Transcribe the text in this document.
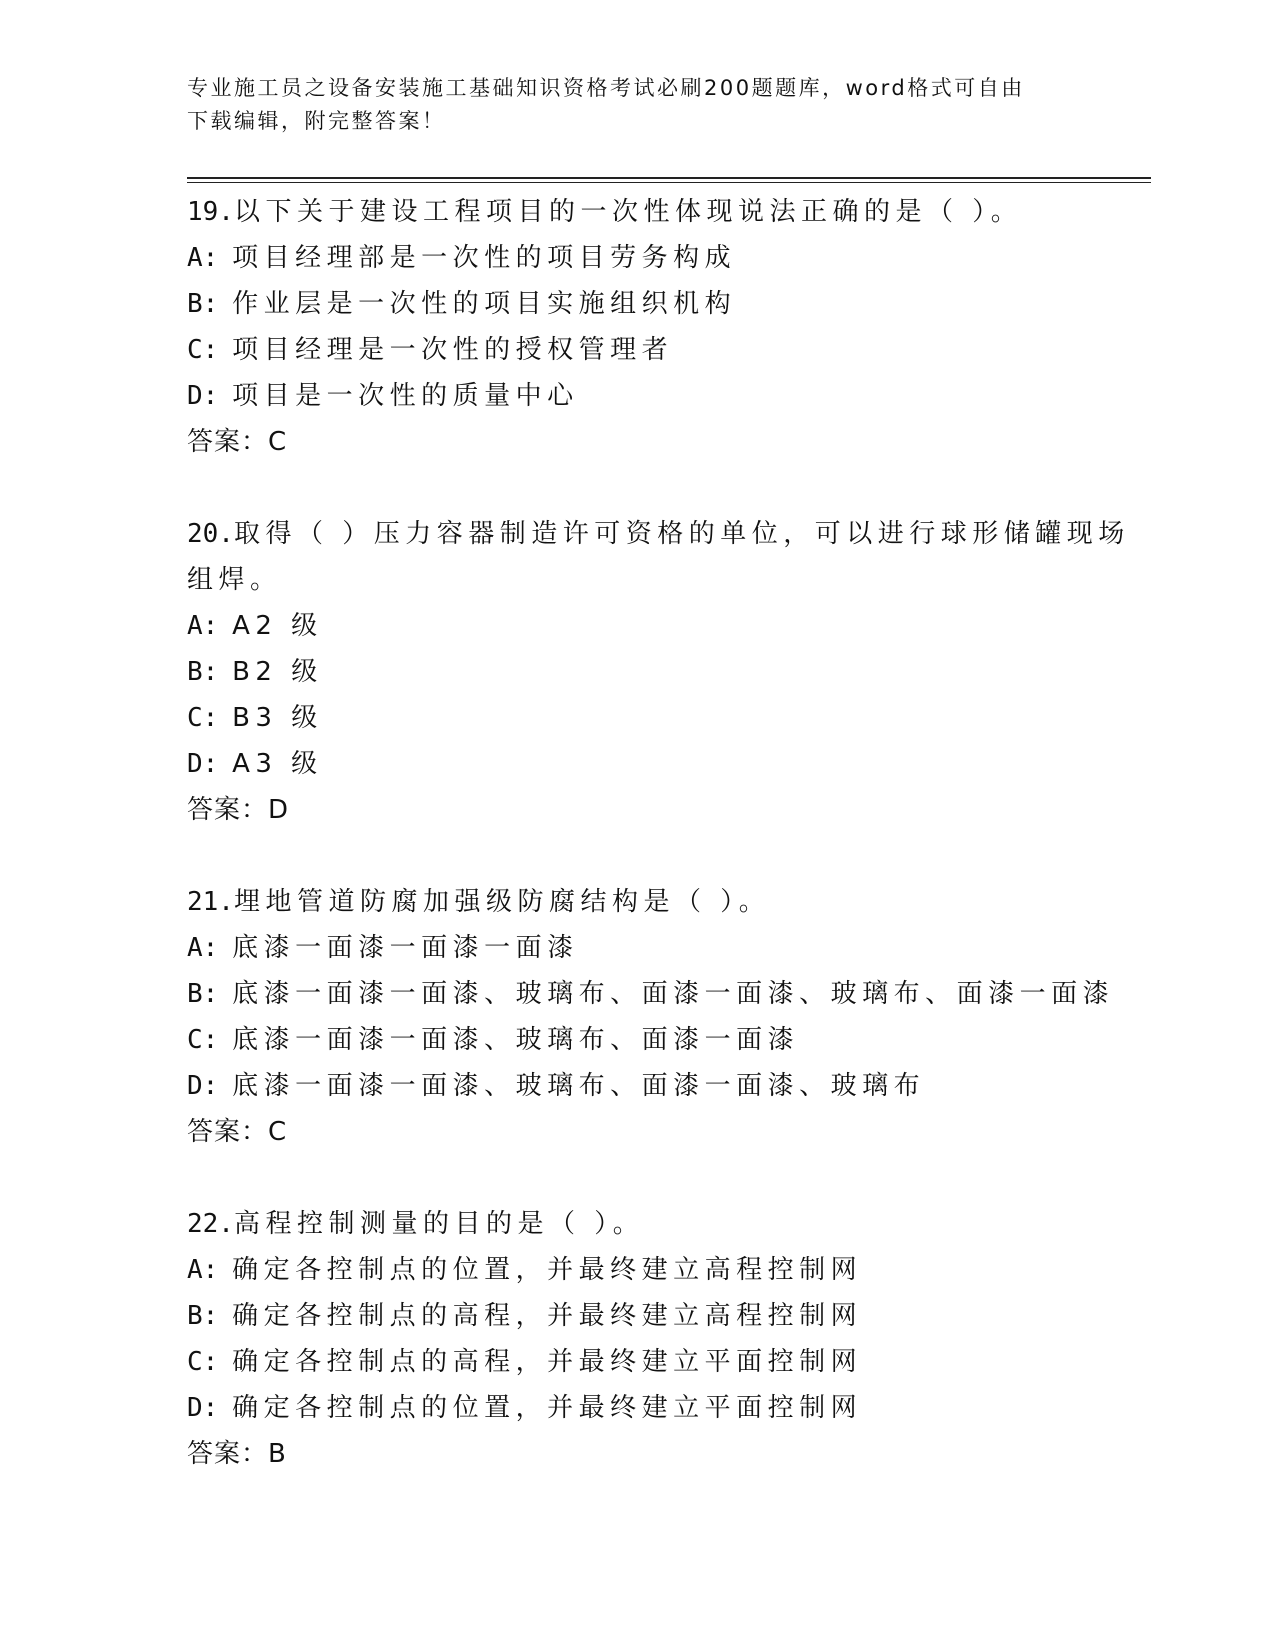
专业施工员之设备安装施工基础知识资格考试必刷200题题库，word格式可自由
下载编辑，附完整答案！
19.以下关于建设工程项目的一次性体现说法正确的是（ ）。
A: 项目经理部是一次性的项目劳务构成
B: 作业层是一次性的项目实施组织机构
C: 项目经理是一次性的授权管理者
D: 项目是一次性的质量中心
答案：C
20.取得（ ）压力容器制造许可资格的单位，可以进行球形储罐现场
组焊。
A: A2 级
B: B2 级
C: B3 级
D: A3 级
答案：D
21.埋地管道防腐加强级防腐结构是（ ）。
A: 底漆一面漆一面漆一面漆
B: 底漆一面漆一面漆、玻璃布、面漆一面漆、玻璃布、面漆一面漆
C: 底漆一面漆一面漆、玻璃布、面漆一面漆
D: 底漆一面漆一面漆、玻璃布、面漆一面漆、玻璃布
答案：C
22.高程控制测量的目的是（ ）。
A: 确定各控制点的位置，并最终建立高程控制网
B: 确定各控制点的高程，并最终建立高程控制网
C: 确定各控制点的高程，并最终建立平面控制网
D: 确定各控制点的位置，并最终建立平面控制网
答案：B
